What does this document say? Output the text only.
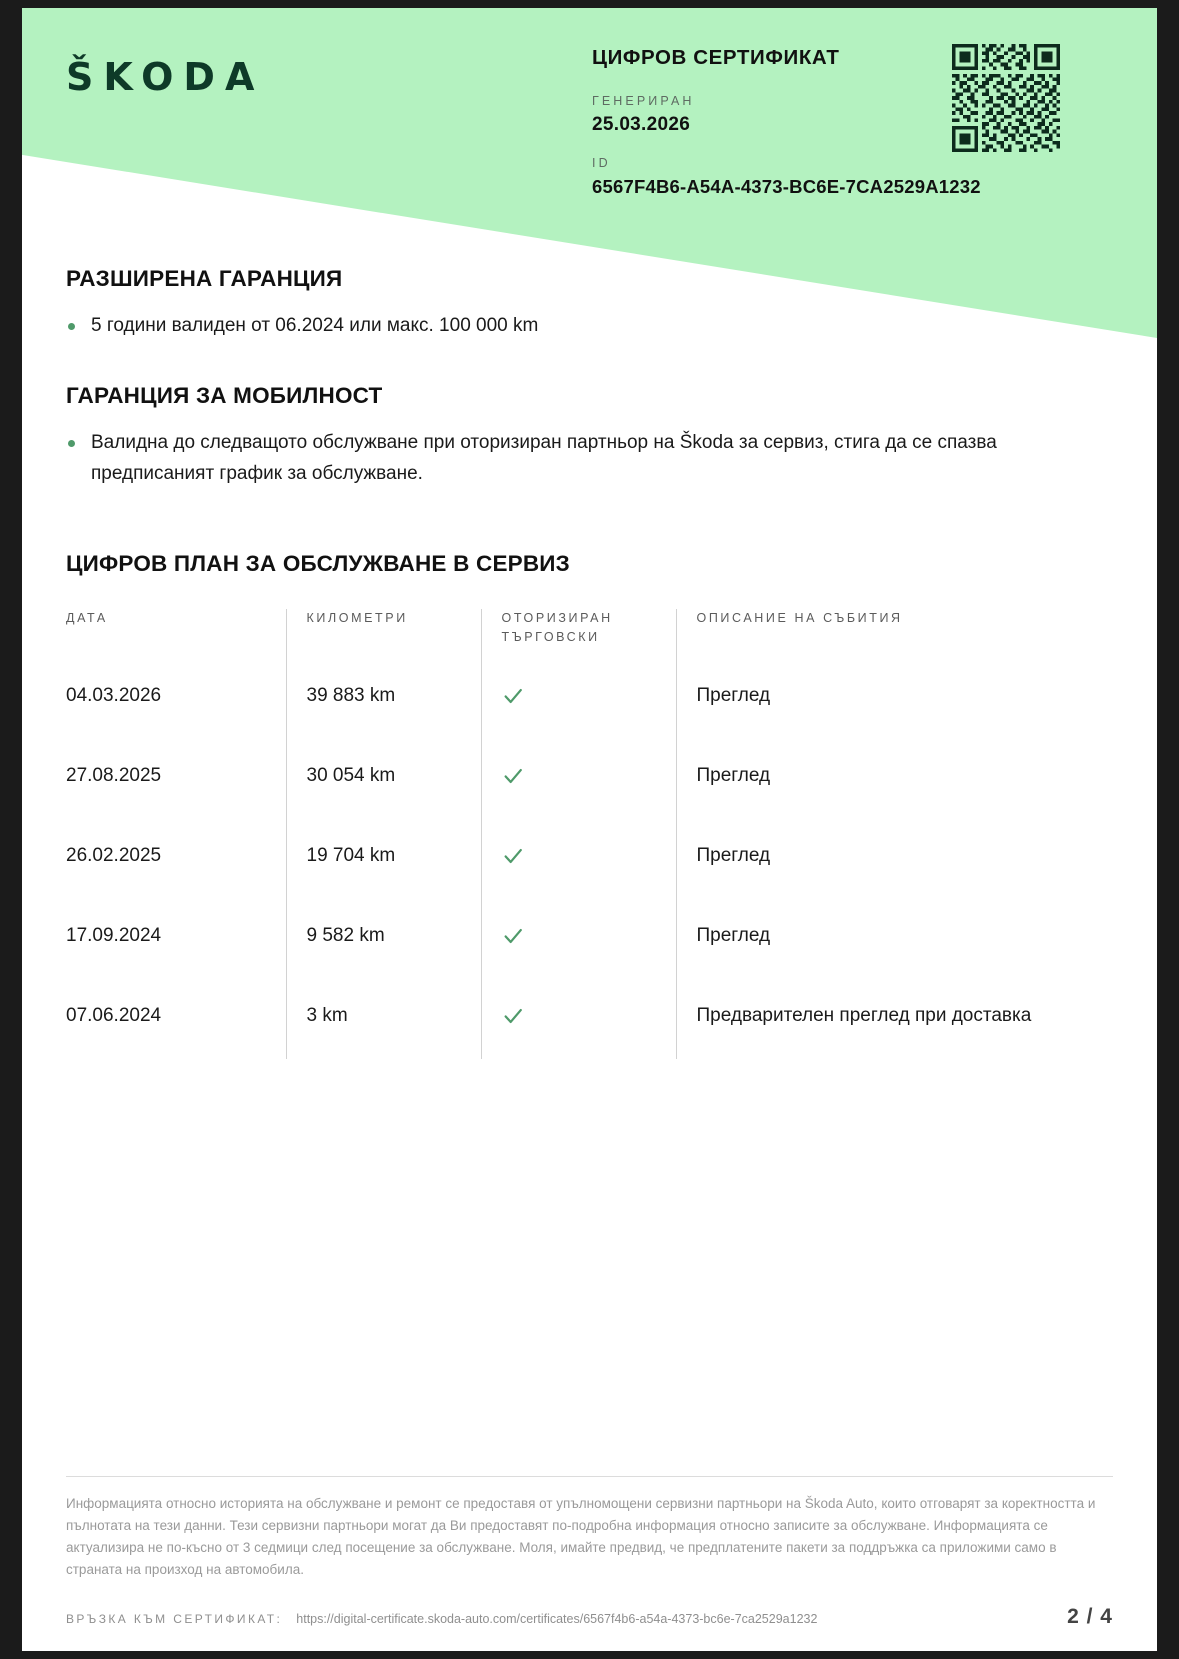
ŠKODA	ЦИФРОВ СЕРТИФИКАТ
ГЕНЕРИРАН
25.03.2026
ID
6567F4B6-A54A-4373-BC6E-7CA2529A1232
РАЗШИРЕНА ГАРАНЦИЯ
5 години валиден от 06.2024 или макс. 100 000 km
ГАРАНЦИЯ ЗА МОБИЛНОСТ
Валидна до следващото обслужване при оторизиран партньор на Škoda за сервиз, стига да се спазва предписаният график за обслужване.
ЦИФРОВ ПЛАН ЗА ОБСЛУЖВАНЕ В СЕРВИЗ
ДАТА	КИЛОМЕТРИ	ОТОРИЗИРАН ТЪРГОВСКИ	ОПИСАНИЕ НА СЪБИТИЯ
04.03.2026	39 883 km		Преглед
27.08.2025	30 054 km		Преглед
26.02.2025	19 704 km		Преглед
17.09.2024	9 582 km		Преглед
07.06.2024	3 km		Предварителен преглед при доставка

Информацията относно историята на обслужване и ремонт се предоставя от упълномощени сервизни партньори на Škoda Auto, които отговарят за коректността и пълнотата на тези данни. Тези сервизни партньори могат да Ви предоставят по-подробна информация относно записите за обслужване. Информацията се актуализира не по-късно от 3 седмици след посещение за обслужване. Моля, имайте предвид, че предплатените пакети за поддръжка са приложими само в страната на произход на автомобила.

ВРЪЗКА КЪМ СЕРТИФИКАТ: https://digital-certificate.skoda-auto.com/certificates/6567f4b6-a54a-4373-bc6e-7ca2529a1232	2 / 4
